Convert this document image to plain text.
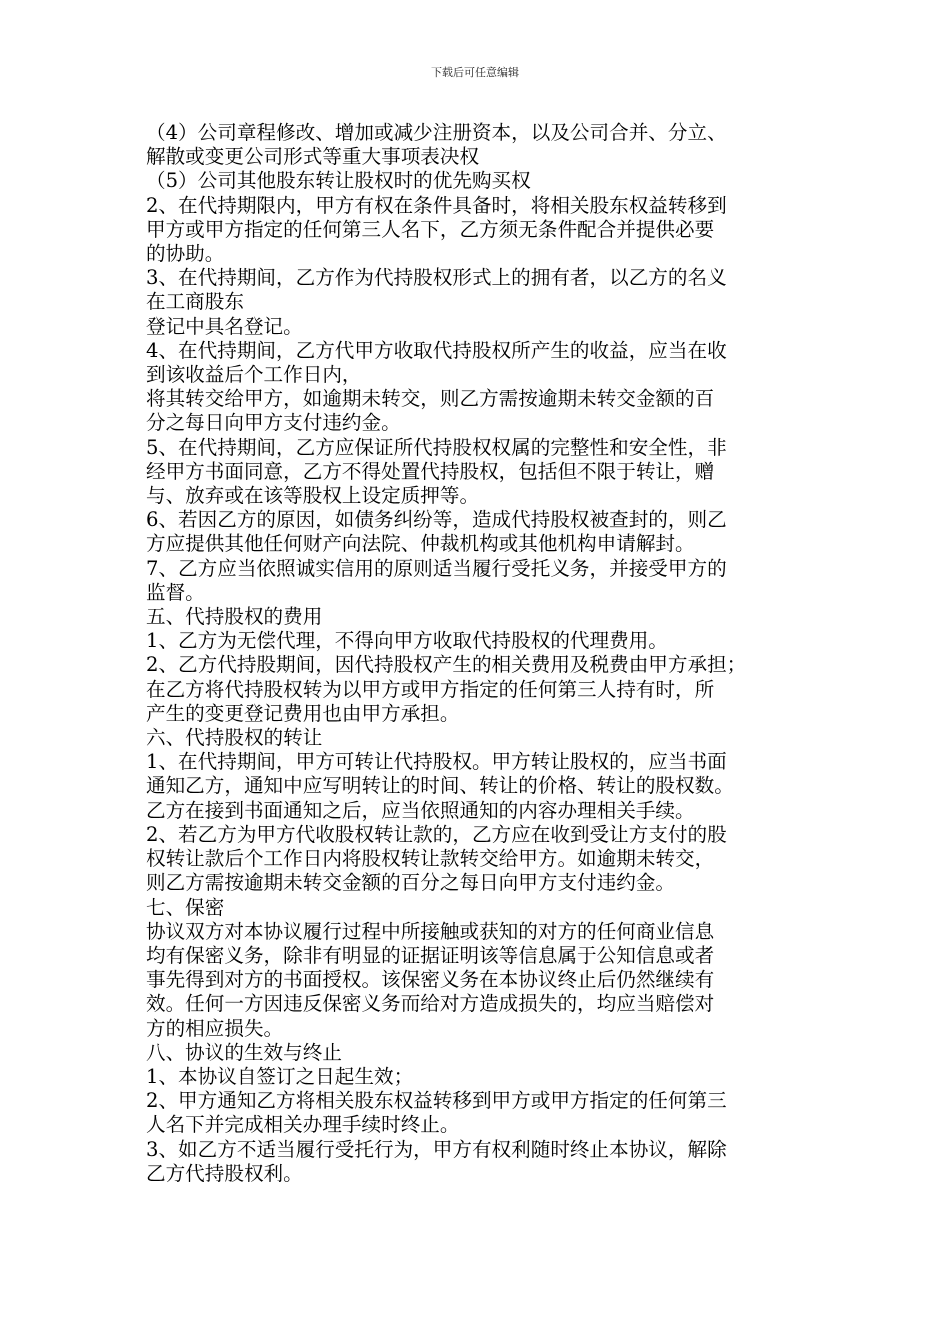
下载后可任意编辑

（4）公司章程修改、增加或减少注册资本，以及公司合并、分立、

解散或变更公司形式等重大事项表决权

（5）公司其他股东转让股权时的优先购买权

2、在代持期限内，甲方有权在条件具备时，将相关股东权益转移到

甲方或甲方指定的任何第三人名下，乙方须无条件配合并提供必要

的协助。

3、在代持期间，乙方作为代持股权形式上的拥有者，以乙方的名义

在工商股东

登记中具名登记。

4、在代持期间，乙方代甲方收取代持股权所产生的收益，应当在收

到该收益后个工作日内，

将其转交给甲方，如逾期未转交，则乙方需按逾期未转交金额的百

分之每日向甲方支付违约金。

5、在代持期间，乙方应保证所代持股权权属的完整性和安全性，非

经甲方书面同意，乙方不得处置代持股权，包括但不限于转让，赠

与、放弃或在该等股权上设定质押等。

6、若因乙方的原因，如债务纠纷等，造成代持股权被查封的，则乙

方应提供其他任何财产向法院、仲裁机构或其他机构申请解封。

7、乙方应当依照诚实信用的原则适当履行受托义务，并接受甲方的

监督。

五、代持股权的费用

1、乙方为无偿代理，不得向甲方收取代持股权的代理费用。

2、乙方代持股期间，因代持股权产生的相关费用及税费由甲方承担；

在乙方将代持股权转为以甲方或甲方指定的任何第三人持有时，所

产生的变更登记费用也由甲方承担。

六、代持股权的转让

1、在代持期间，甲方可转让代持股权。甲方转让股权的，应当书面

通知乙方，通知中应写明转让的时间、转让的价格、转让的股权数。

乙方在接到书面通知之后，应当依照通知的内容办理相关手续。

2、若乙方为甲方代收股权转让款的，乙方应在收到受让方支付的股

权转让款后个工作日内将股权转让款转交给甲方。如逾期未转交，

则乙方需按逾期未转交金额的百分之每日向甲方支付违约金。

七、保密

协议双方对本协议履行过程中所接触或获知的对方的任何商业信息

均有保密义务，除非有明显的证据证明该等信息属于公知信息或者

事先得到对方的书面授权。该保密义务在本协议终止后仍然继续有

效。任何一方因违反保密义务而给对方造成损失的，均应当赔偿对

方的相应损失。

八、协议的生效与终止

1、本协议自签订之日起生效；

2、甲方通知乙方将相关股东权益转移到甲方或甲方指定的任何第三

人名下并完成相关办理手续时终止。

3、如乙方不适当履行受托行为，甲方有权利随时终止本协议，解除

乙方代持股权利。
